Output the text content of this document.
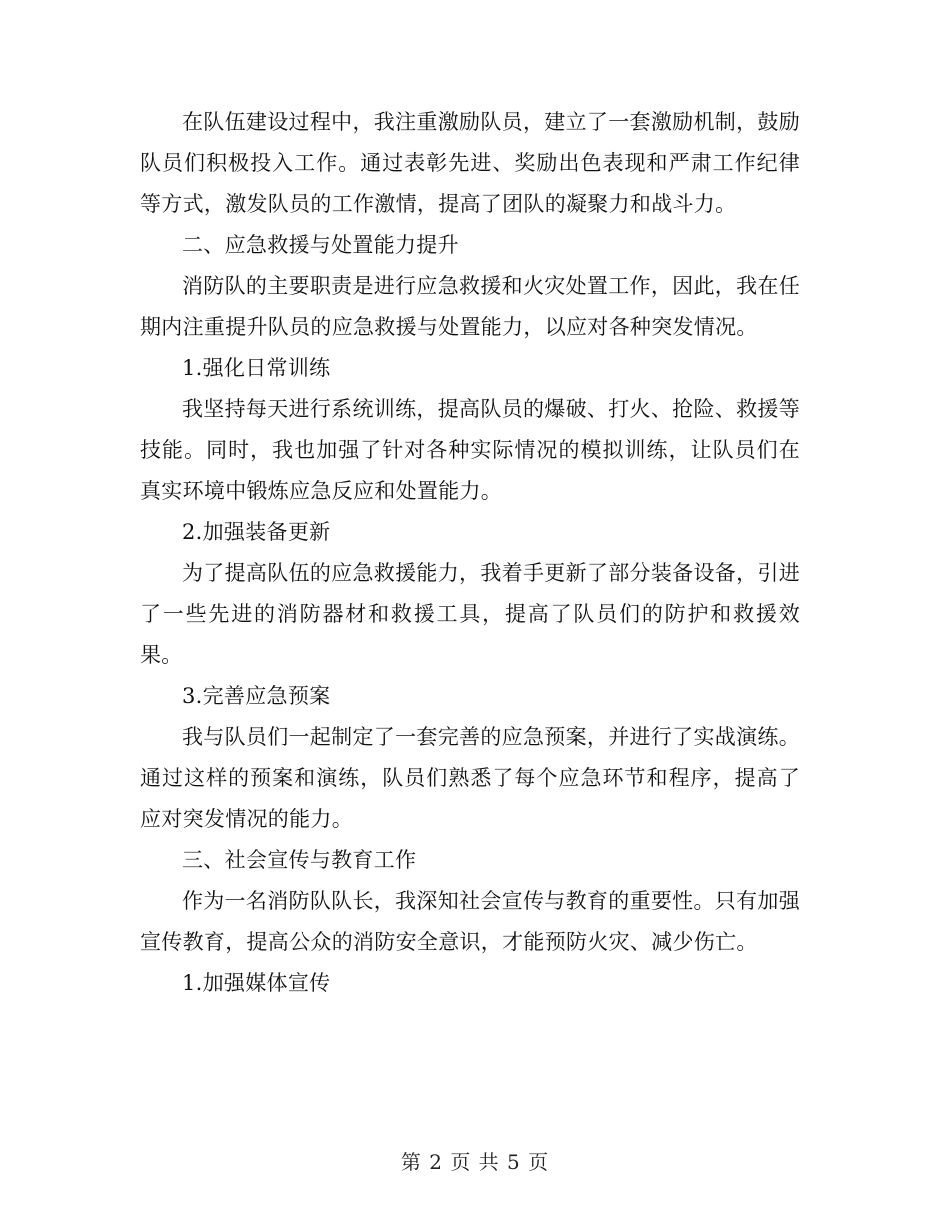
在队伍建设过程中，我注重激励队员，建立了一套激励机制，鼓励队员们积极投入工作。通过表彰先进、奖励出色表现和严肃工作纪律等方式，激发队员的工作激情，提高了团队的凝聚力和战斗力。

二、应急救援与处置能力提升

消防队的主要职责是进行应急救援和火灾处置工作，因此，我在任期内注重提升队员的应急救援与处置能力，以应对各种突发情况。

1.强化日常训练

我坚持每天进行系统训练，提高队员的爆破、打火、抢险、救援等技能。同时，我也加强了针对各种实际情况的模拟训练，让队员们在真实环境中锻炼应急反应和处置能力。

2.加强装备更新

为了提高队伍的应急救援能力，我着手更新了部分装备设备，引进了一些先进的消防器材和救援工具，提高了队员们的防护和救援效果。

3.完善应急预案

我与队员们一起制定了一套完善的应急预案，并进行了实战演练。通过这样的预案和演练，队员们熟悉了每个应急环节和程序，提高了应对突发情况的能力。

三、社会宣传与教育工作

作为一名消防队队长，我深知社会宣传与教育的重要性。只有加强宣传教育，提高公众的消防安全意识，才能预防火灾、减少伤亡。

1.加强媒体宣传

第 2 页 共 5 页
